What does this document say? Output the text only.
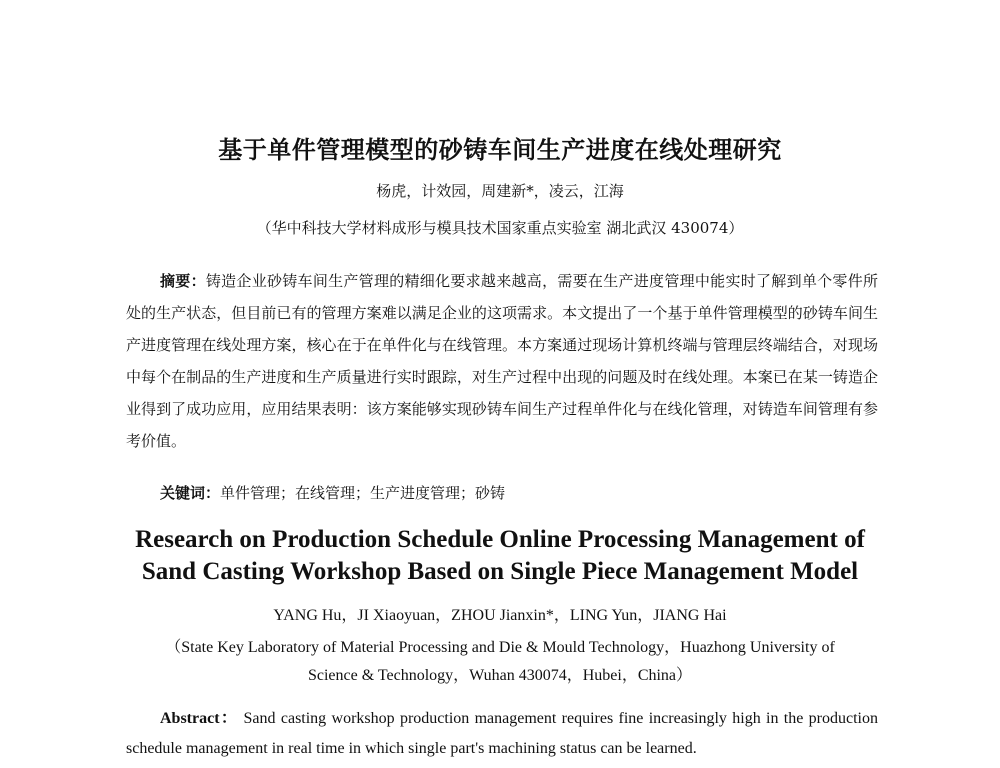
基于单件管理模型的砂铸车间生产进度在线处理研究
杨虎，计效园，周建新*，凌云，江海
（华中科技大学材料成形与模具技术国家重点实验室 湖北武汉 430074）
摘要：铸造企业砂铸车间生产管理的精细化要求越来越高，需要在生产进度管理中能实时了解到单个零件所处的生产状态，但目前已有的管理方案难以满足企业的这项需求。本文提出了一个基于单件管理模型的砂铸车间生产进度管理在线处理方案，核心在于在单件化与在线管理。本方案通过现场计算机终端与管理层终端结合，对现场中每个在制品的生产进度和生产质量进行实时跟踪，对生产过程中出现的问题及时在线处理。本案已在某一铸造企业得到了成功应用，应用结果表明：该方案能够实现砂铸车间生产过程单件化与在线化管理，对铸造车间管理有参考价值。
关键词：单件管理；在线管理；生产进度管理；砂铸
Research on Production Schedule Online Processing Management of
Sand Casting Workshop Based on Single Piece Management Model
YANG Hu，JI Xiaoyuan，ZHOU Jianxin*，LING Yun，JIANG Hai
（State Key Laboratory of Material Processing and Die & Mould Technology，Huazhong University of
Science & Technology，Wuhan 430074，Hubei，China）
Abstract： Sand casting workshop production management requires fine increasingly high in the production schedule management in real time in which single part's machining status can be learned.
